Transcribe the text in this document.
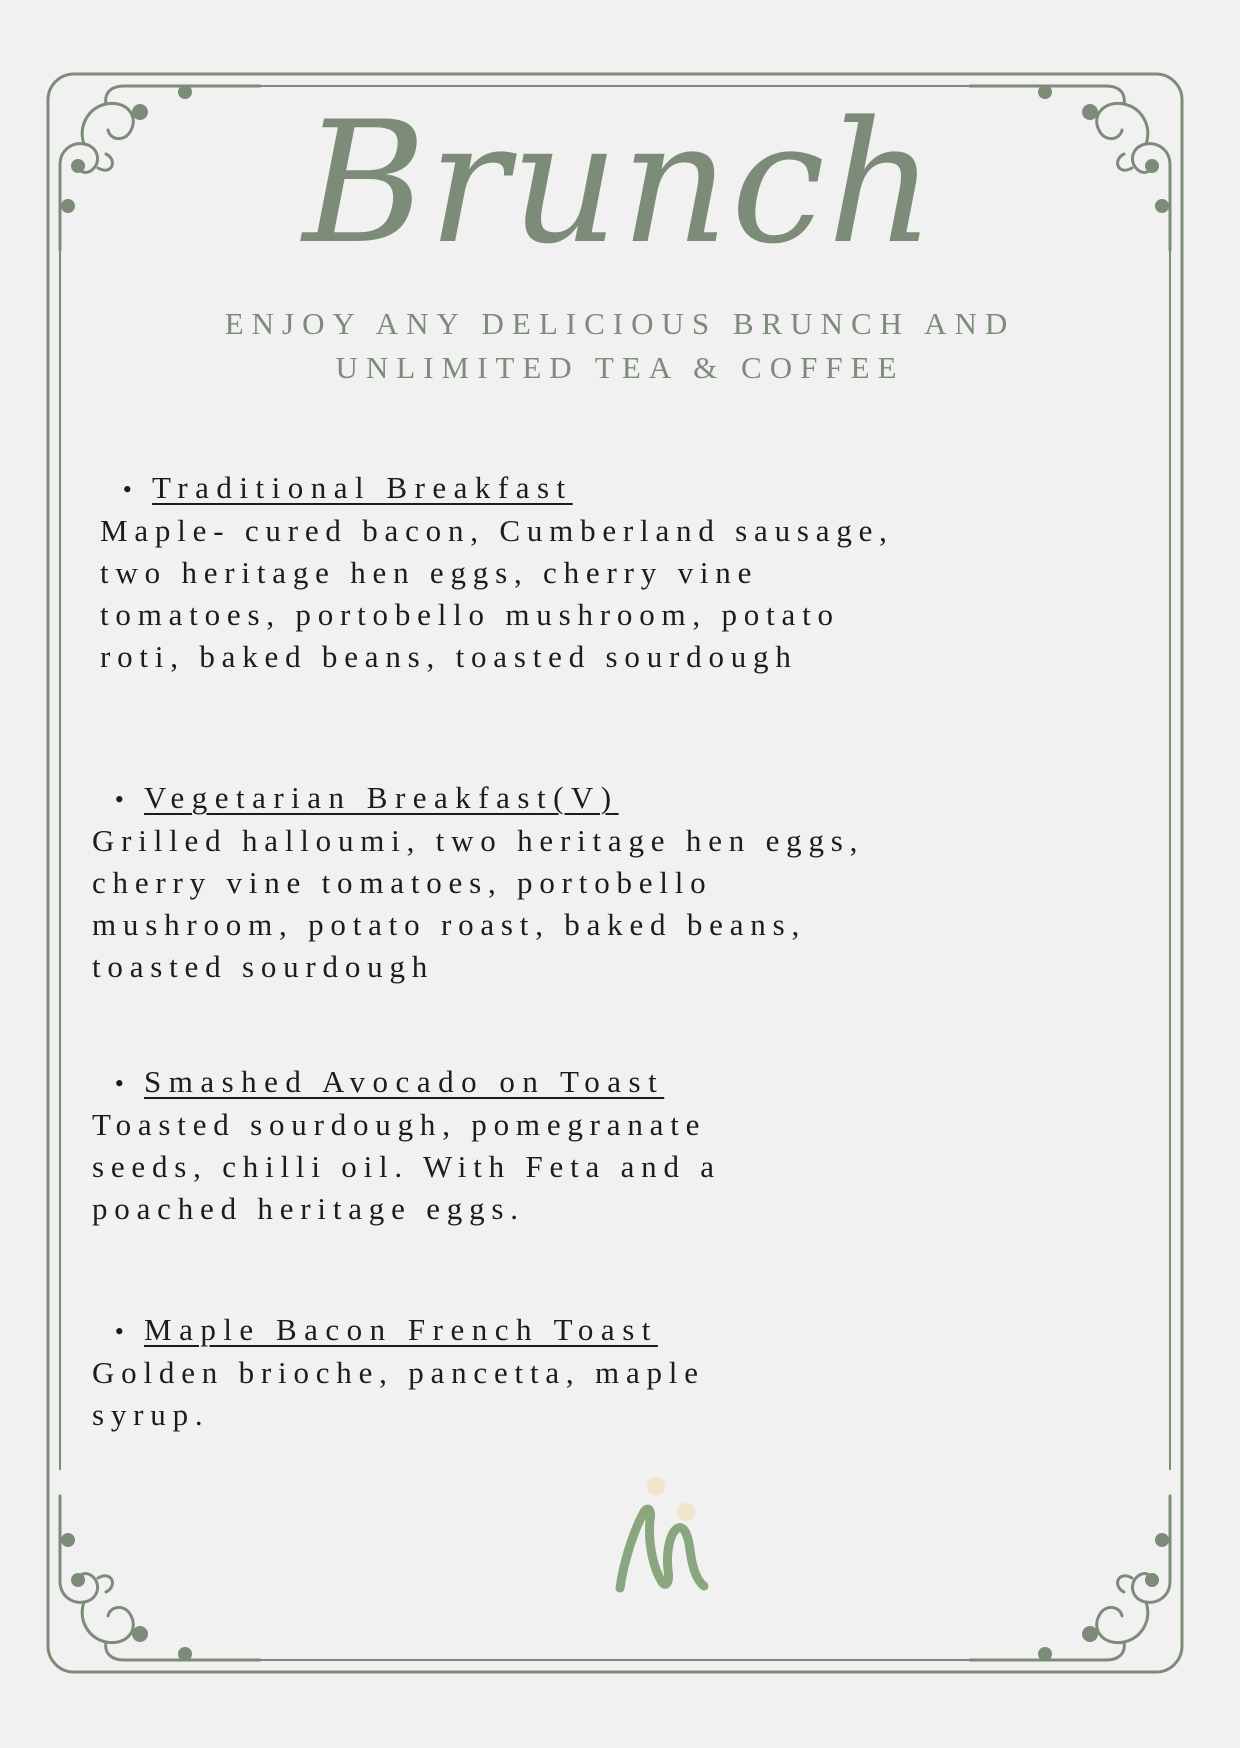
Brunch
ENJOY ANY DELICIOUS BRUNCH AND UNLIMITED TEA & COFFEE
• Traditional Breakfast
Maple- cured bacon, Cumberland sausage, two heritage hen eggs, cherry vine tomatoes, portobello mushroom, potato roti, baked beans, toasted sourdough
• Vegetarian Breakfast(V)
Grilled halloumi, two heritage hen eggs, cherry vine tomatoes, portobello mushroom, potato roast, baked beans, toasted sourdough
• Smashed Avocado on Toast
Toasted sourdough, pomegranate seeds, chilli oil. With Feta and a poached heritage eggs.
• Maple Bacon French Toast
Golden brioche, pancetta, maple syrup.
